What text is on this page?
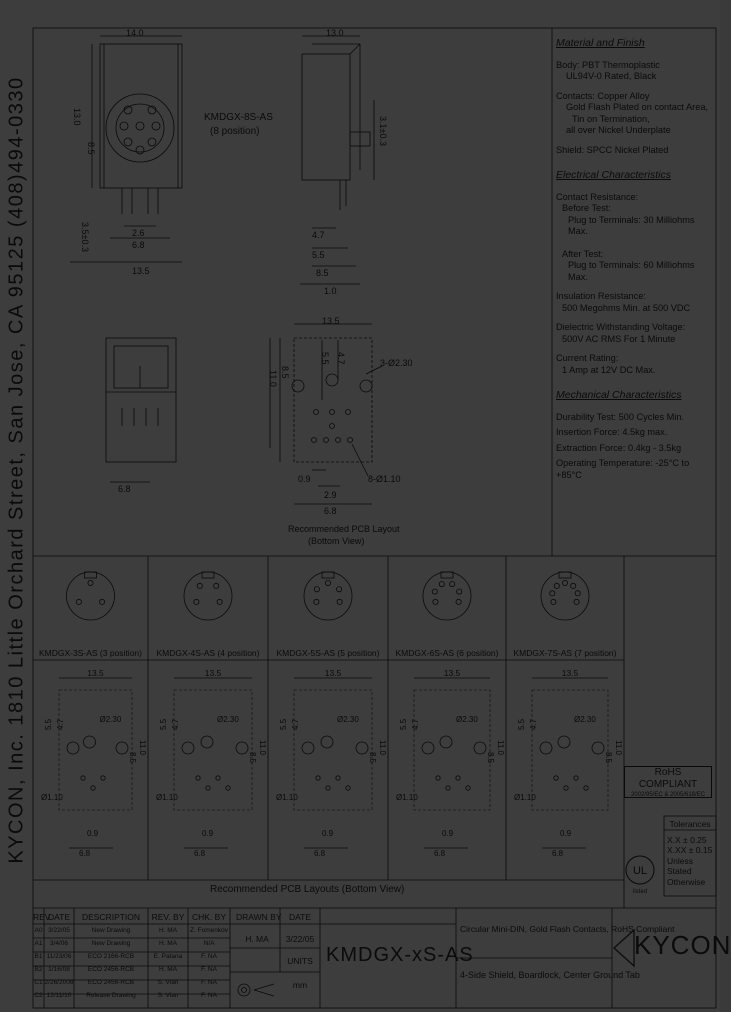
KYCON, Inc. 1810 Little Orchard Street, San Jose, CA 95125 (408)494-0330
14.0
13.0
8.5
3.5±0.3	2.6
6.8
13.5
KMDGX-8S-AS
(8 position)
13.0
3.1±0.3
4.7
5.5
8.5
1.0
6.8
13.5
11.0 8.5
5.5 4.7	3-Ø2.30
8-Ø1.10
0.9
2.9
6.8
Recommended PCB Layout
(Bottom View)
Material and Finish
Body: PBT Thermoplastic
UL94V-0 Rated, Black
Contacts: Copper Alloy
Gold Flash Plated on contact Area,
Tin on Termination,
all over Nickel Underplate
Shield: SPCC Nickel Plated
Electrical Characteristics
Contact Resistance:
Before Test:
Plug to Terminals: 30 Milliohms Max.
After Test:
Plug to Terminals: 60 Milliohms Max.
Insulation Resistance:
500 Megohms Min. at 500 VDC
Dielectric Withstanding Voltage:
500V AC RMS For 1 Minute
Current Rating:
1 Amp at 12V DC Max.
Mechanical Characteristics
Durability Test: 500 Cycles Min.
Insertion Force: 4.5kg max.
Extraction Force: 0.4kg - 3.5kg
Operating Temperature: -25°C to +85°C
KMDGX-3S-AS (3 position)
13.5
5.5 4.7
8.5
11.0
Ø2.30
Ø1.10
0.9
6.8
KMDGX-4S-AS (4 position)
13.5
5.5 4.7
8.5
11.0
Ø2.30
Ø1.10
0.9
6.8
KMDGX-5S-AS (5 position)
13.5
5.5 4.7
8.5
11.0
Ø2.30
Ø1.10
0.9
6.8
KMDGX-6S-AS (6 position)
13.5
5.5 4.7
8.5
11.0
Ø2.30
Ø1.10
0.9
6.8
KMDGX-7S-AS (7 position)
13.5
5.5 4.7
8.5
11.0
Ø2.30
Ø1.10
0.9
6.8
Recommended PCB Layouts (Bottom View)
RoHS COMPLIANT
2002/95/EC & 2005/618/EC
Tolerances
X.X ± 0.25
X.XX ± 0.15
Unless Stated
Otherwise
UL
listed
REV.
DATE	DESCRIPTION	REV. BY CHK. BY
A0 3/22/05	New Drawing	H. MA	Z. Fomenkov
A1	3/4/06	New Drawing	H. MA	N/A
B1 11/23/06	ECO 2166-RCB	E. Patana	F. NA
B2 1/16/08	ECO 2456-RCB	H. MA	F. NA
C1 2/26/2008	ECO 2456-RCB	S. Vian	F. NA
C2 12/11/10	Release Drawing	S. Vian	F. NA
DRAWN BY DATE
H. MA	3/22/05
UNITS
mm
KMDGX-xS-AS
Circular Mini-DIN, Gold Flash Contacts, RoHS Compliant
4-Side Shield, Boardlock, Center Ground Tab
KYCON
